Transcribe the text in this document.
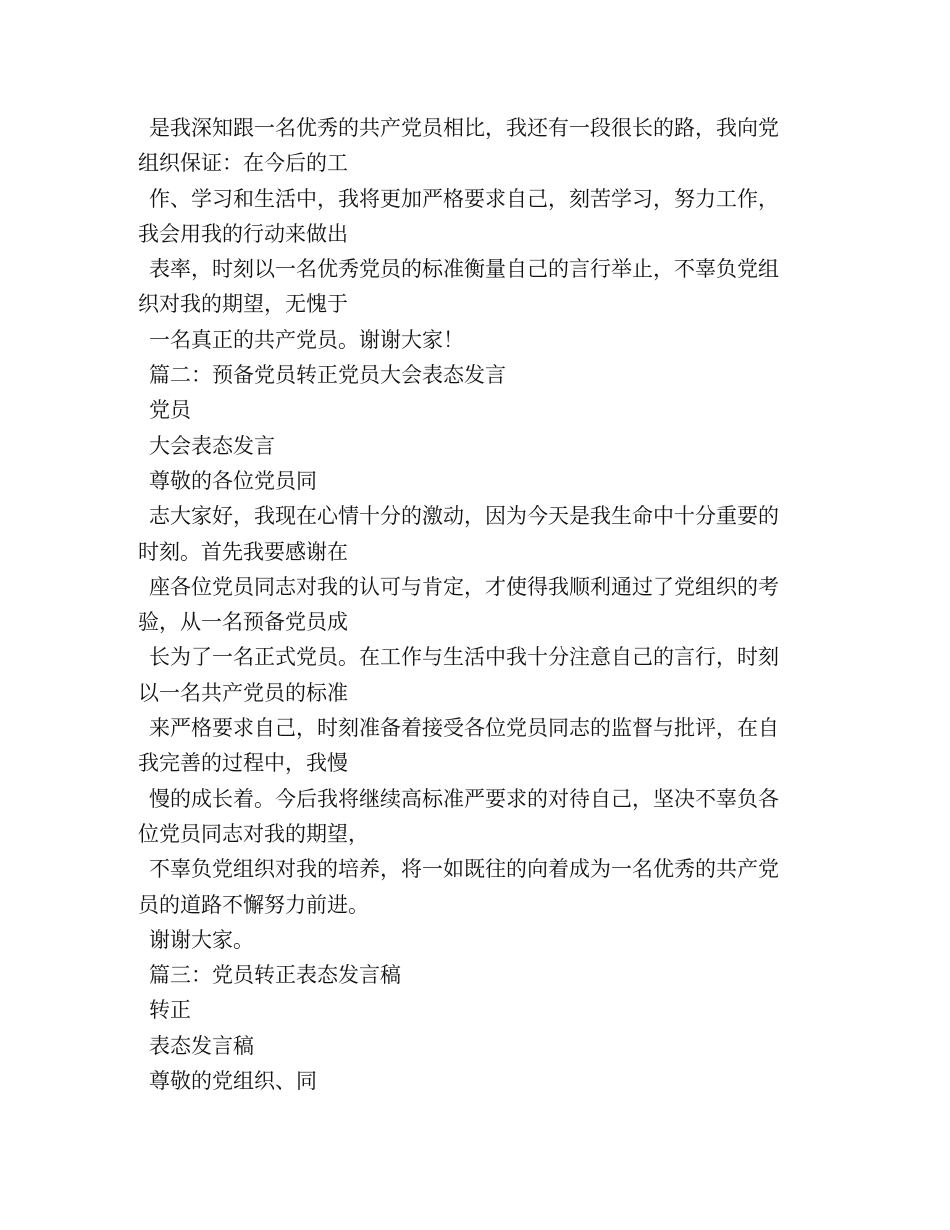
是我深知跟一名优秀的共产党员相比，我还有一段很长的路，我向党
组织保证：在今后的工
作、学习和生活中，我将更加严格要求自己，刻苦学习，努力工作，
我会用我的行动来做出
表率，时刻以一名优秀党员的标准衡量自己的言行举止，不辜负党组
织对我的期望，无愧于
一名真正的共产党员。谢谢大家！
篇二：预备党员转正党员大会表态发言
党员
大会表态发言
尊敬的各位党员同
志大家好，我现在心情十分的激动，因为今天是我生命中十分重要的
时刻。首先我要感谢在
座各位党员同志对我的认可与肯定，才使得我顺利通过了党组织的考
验，从一名预备党员成
长为了一名正式党员。在工作与生活中我十分注意自己的言行，时刻
以一名共产党员的标准
来严格要求自己，时刻准备着接受各位党员同志的监督与批评，在自
我完善的过程中，我慢
慢的成长着。今后我将继续高标准严要求的对待自己，坚决不辜负各
位党员同志对我的期望，
不辜负党组织对我的培养，将一如既往的向着成为一名优秀的共产党
员的道路不懈努力前进。
谢谢大家。
篇三：党员转正表态发言稿
转正
表态发言稿
尊敬的党组织、同
